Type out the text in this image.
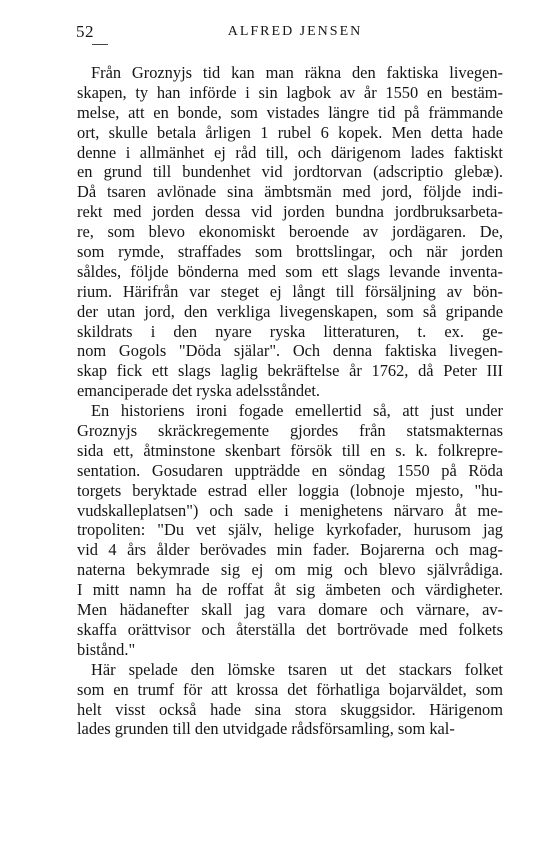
52	ALFRED JENSEN
Från Groznyjs tid kan man räkna den faktiska livegen-
skapen, ty han införde i sin lagbok av år 1550 en bestäm-
melse, att en bonde, som vistades längre tid på främmande
ort, skulle betala årligen 1 rubel 6 kopek. Men detta hade
denne i allmänhet ej råd till, och därigenom lades faktiskt
en grund till bundenhet vid jordtorvan (adscriptio glebæ).
Då tsaren avlönade sina ämbtsmän med jord, följde indi-
rekt med jorden dessa vid jorden bundna jordbruksarbeta-
re, som blevo ekonomiskt beroende av jordägaren. De,
som rymde, straffades som brottslingar, och när jorden
såldes, följde bönderna med som ett slags levande inventa-
rium. Härifrån var steget ej långt till försäljning av bön-
der utan jord, den verkliga livegenskapen, som så gripande
skildrats i den nyare ryska litteraturen, t. ex. ge-
nom Gogols "Döda själar". Och denna faktiska livegen-
skap fick ett slags laglig bekräftelse år 1762, då Peter III
emanciperade det ryska adelsståndet.
En historiens ironi fogade emellertid så, att just under
Groznyjs skräckregemente gjordes från statsmakternas
sida ett, åtminstone skenbart försök till en s. k. folkrepre-
sentation. Gosudaren uppträdde en söndag 1550 på Röda
torgets beryktade estrad eller loggia (lobnoje mjesto, "hu-
vudskalleplatsen") och sade i menighetens närvaro åt me-
tropoliten: "Du vet själv, helige kyrkofader, hurusom jag
vid 4 års ålder berövades min fader. Bojarerna och mag-
naterna bekymrade sig ej om mig och blevo självrådiga.
I mitt namn ha de roffat åt sig ämbeten och värdigheter.
Men hädanefter skall jag vara domare och värnare, av-
skaffa orättvisor och återställa det bortrövade med folkets
bistånd."
Här spelade den lömske tsaren ut det stackars folket
som en trumf för att krossa det förhatliga bojarväldet, som
helt visst också hade sina stora skuggsidor. Härigenom
lades grunden till den utvidgade rådsförsamling, som kal-
